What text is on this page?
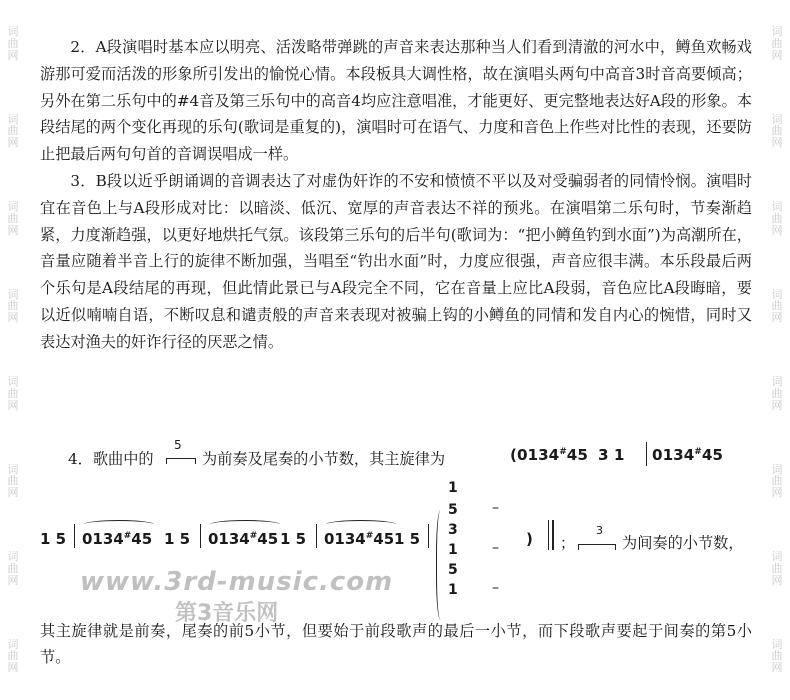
词
曲
网
词
曲
网
词
曲
网
词
曲
网
词
曲
网
词
曲
网
词
曲
网
词
曲
网
词
曲
网
词
曲
网
词
曲
网
词
曲
网
词
曲
网
词
曲
网
词
曲
网
词
曲
网

2．A段演唱时基本应以明亮、活泼略带弹跳的声音来表达那种当人们看到清澈的河水中，鳟鱼欢畅戏游那可爱而活泼的形象所引发出的愉悦心情。本段板具大调性格，故在演唱头两句中高音3时音高要倾高；另外在第二乐句中的#4音及第三乐句中的高音4均应注意唱准，才能更好、更完整地表达好A段的形象。本段结尾的两个变化再现的乐句(歌词是重复的)，演唱时可在语气、力度和音色上作些对比性的表现，还要防止把最后两句句首的音调误唱成一样。

3．B段以近乎朗诵调的音调表达了对虚伪奸诈的不安和愤愤不平以及对受骗弱者的同情怜悯。演唱时宜在音色上与A段形成对比：以暗淡、低沉、宽厚的声音表达不祥的预兆。在演唱第二乐句时，节奏渐趋紧，力度渐趋强，以更好地烘托气氛。该段第三乐句的后半句(歌词为：“把小鳟鱼钓到水面”)为高潮所在，音量应随着半音上行的旋律不断加强，当唱至“钓出水面”时，力度应很强，声音应很丰满。本乐段最后两个乐句是A段结尾的再现，但此情此景已与A段完全不同，它在音量上应比A段弱，音色应比A段晦暗，要以近似喃喃自语，不断叹息和谴责般的声音来表现对被骗上钩的小鳟鱼的同情和发自内心的惋惜，同时又表达对渔夫的奸诈行径的厌恶之情。

4．歌曲中的
5
为前奏及尾奏的小节数，其主旋律为	(0134#45 3 1 0134#45
1 5 0134#45 1 5 0134#45 1 5 0134#45 1 5
1
5
3
1
5
1
–
–
–
) ；
3
为间奏的小节数，
www.3rd-music.com
第3音乐网
其主旋律就是前奏，尾奏的前5小节，但要始于前段歌声的最后一小节，而下段歌声要起于间奏的第5小节。
